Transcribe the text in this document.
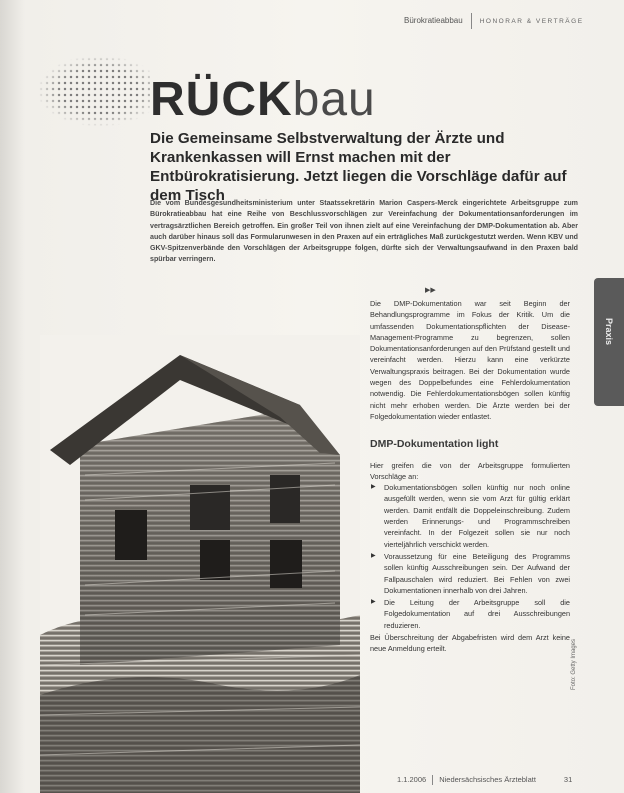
Bürokratieabbau	HONORAR & VERTRÄGE
RÜCKbau
Die Gemeinsame Selbstverwaltung der Ärzte und Krankenkassen will Ernst machen mit der Entbürokratisierung. Jetzt liegen die Vorschläge dafür auf dem Tisch
Die vom Bundesgesundheitsministerium unter Staatssekretärin Marion Caspers-Merck eingerichtete Arbeitsgruppe zum Bürokratieabbau hat eine Reihe von Beschlussvorschlägen zur Vereinfachung der Dokumentationsanforderungen im vertragsärztlichen Bereich getroffen. Ein großer Teil von ihnen zielt auf eine Vereinfachung der DMP-Dokumentation ab. Aber auch darüber hinaus soll das Formularunwesen in den Praxen auf ein erträgliches Maß zurückgestutzt werden. Wenn KBV und GKV-Spitzenverbände den Vorschlägen der Arbeitsgruppe folgen, dürfte sich der Verwaltungsaufwand in den Praxen bald spürbar verringern.
▶▶

Die DMP-Dokumentation war seit Beginn der Behandlungsprogramme im Fokus der Kritik. Um die umfassenden Dokumentationspflichten der Disease-Management-Programme zu begrenzen, sollen Dokumentationsanforderungen auf den Prüfstand gestellt und vereinfacht werden. Hierzu kann eine verkürzte Verwaltungspraxis beitragen. Bei der Dokumentation wurde wegen des Doppelbefundes eine Fehlerdokumentation notwendig. Die Fehlerdokumentationsbögen sollen künftig nicht mehr erhoben werden. Die Ärzte werden bei der Folgedokumentation wieder entlastet.

DMP-Dokumentation light

Hier greifen die von der Arbeitsgruppe formulierten Vorschläge an:

▶ Dokumentationsbögen sollen künftig nur noch online ausgefüllt werden, wenn sie vom Arzt für gültig erklärt werden. Damit entfällt die Doppeleinschreibung. Zudem werden Erinnerungs- und Programmschreiben vereinfacht. In der Folgezeit sollen sie nur noch vierteljährlich verschickt werden.
▶ Voraussetzung für eine Beteiligung des Programms sollen künftig Ausschreibungen sein. Der Aufwand der Fallpauschalen wird reduziert. Bei Fehlen von zwei Dokumentationen innerhalb von drei Jahren.
▶ Die Leitung der Arbeitsgruppe soll die Folgedokumentation auf drei Ausschreibungen reduzieren.

Bei Überschreitung der Abgabefristen wird dem Arzt keine neue Anmeldung erteilt.

Praxis
Foto: Getty Images
1.1.2006 Niedersächsisches Ärzteblatt	31
